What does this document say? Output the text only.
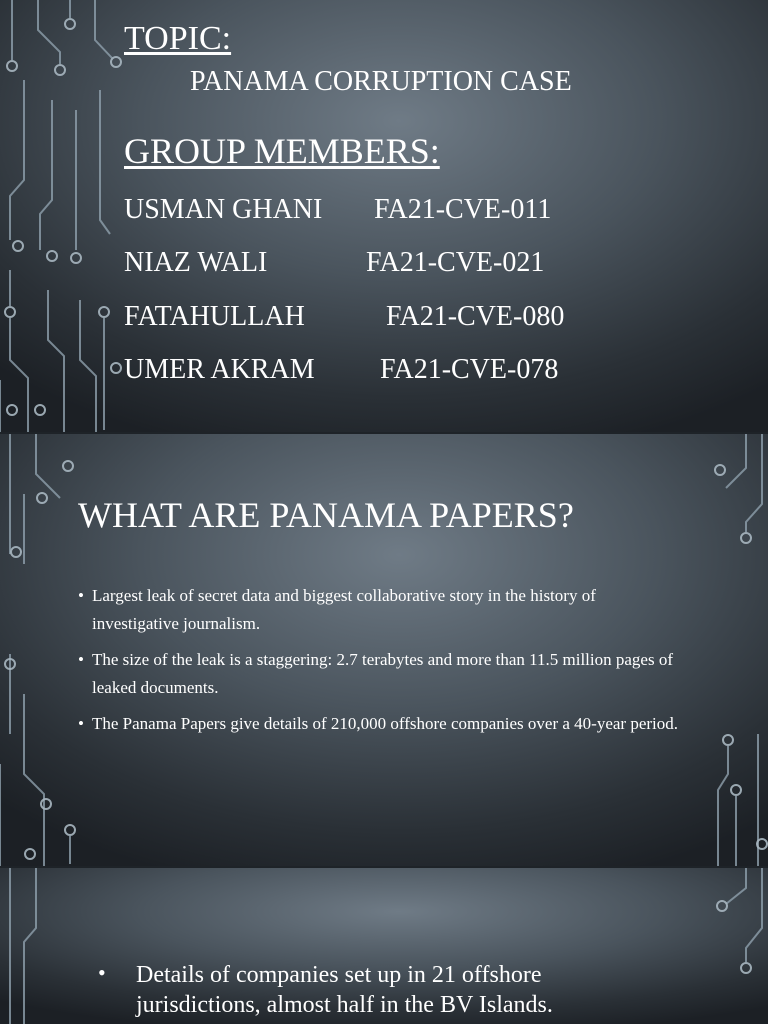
TOPIC:
PANAMA CORRUPTION CASE
GROUP MEMBERS:
USMAN GHANI FA21-CVE-011
NIAZ WALI	FA21-CVE-021
FATAHULLAH	FA21-CVE-080
UMER AKRAM FA21-CVE-078
WHAT ARE PANAMA PAPERS?
• Largest leak of secret data and biggest collaborative story in the history of investigative journalism.
• The size of the leak is a staggering: 2.7 terabytes and more than 11.5 million pages of leaked documents.
• The Panama Papers give details of 210,000 offshore companies over a 40-year period.
• Details of companies set up in 21 offshore jurisdictions, almost half in the BV Islands.
